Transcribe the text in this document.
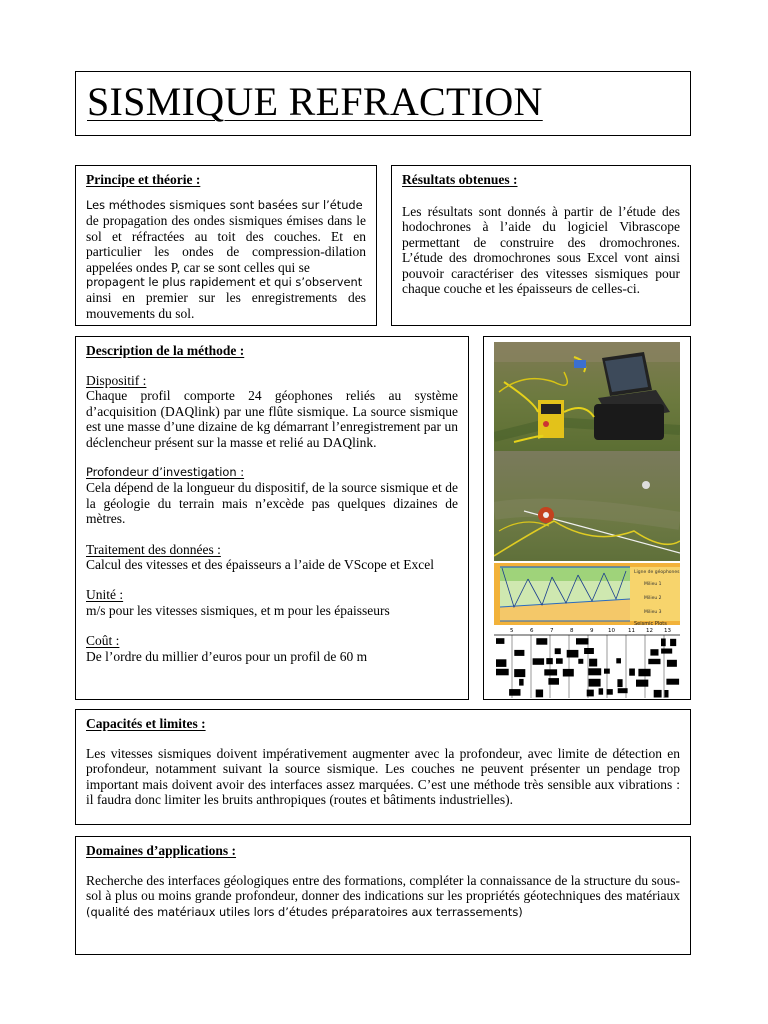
SISMIQUE REFRACTION

Principe et théorie :

Les méthodes sismiques sont basées sur l’étude

de propagation des ondes sismiques émises dans le sol et réfractées au toit des couches. Et en particulier les ondes de compression-dilation appelées ondes P, car se sont celles qui se

propagent le plus rapidement et qui s’observent

ainsi en premier sur les enregistrements des mouvements du sol.

Résultats obtenues :

Les résultats sont donnés à partir de l’étude des hodochrones à l’aide du logiciel Vibrascope permettant de construire des dromochrones. L’étude des dromochrones sous Excel vont ainsi pouvoir caractériser des vitesses sismiques pour chaque couche et les épaisseurs de celles-ci.

Description de la méthode :

Dispositif :

Chaque profil comporte 24 géophones reliés au système d’acquisition (DAQlink) par une flûte sismique. La source sismique est une masse d’une dizaine de kg démarrant l’enregistrement par un déclencheur présent sur la masse et relié au DAQlink.

Profondeur d’investigation :

Cela dépend de la longueur du dispositif, de la source sismique et de la géologie du terrain mais n’excède pas quelques dizaines de mètres.

Traitement des données :

Calcul des vitesses et des épaisseurs a l’aide de VScope et Excel

Unité :

m/s pour les vitesses sismiques, et m pour les épaisseurs

Coût :

De l’ordre du millier d’euros pour un profil de 60 m

Ligne de géophones
Milieu 1
Milieu 2
Milieu 3
Seismic Plots
5	6	7	8	9	10 11 12 13

Capacités et limites :

Les vitesses sismiques doivent impérativement augmenter avec la profondeur, avec limite de détection en profondeur, notamment suivant la source sismique. Les couches ne peuvent présenter un pendage trop important mais doivent avoir des interfaces assez marquées. C’est une méthode très sensible aux vibrations : il faudra donc limiter les bruits anthropiques (routes et bâtiments industrielles).

Domaines d’applications :

Recherche des interfaces géologiques entre des formations, compléter la connaissance de la structure du sous-sol à plus ou moins grande profondeur, donner des indications sur les propriétés géotechniques des matériaux (qualité des matériaux utiles lors d’études préparatoires aux terrassements)
